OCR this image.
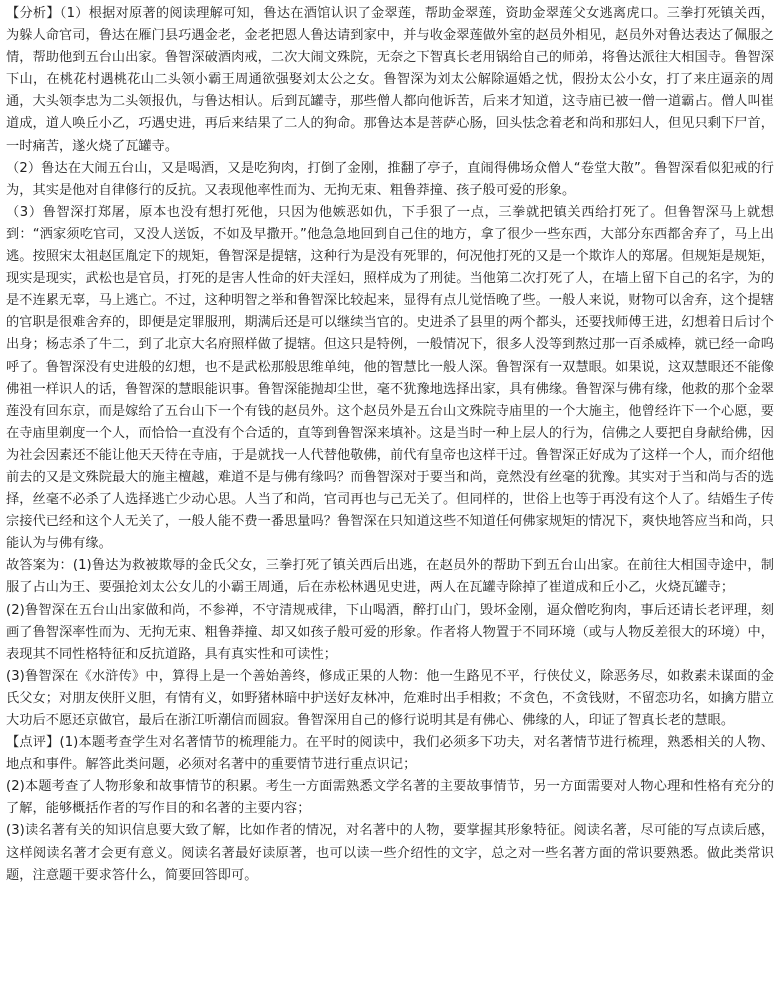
【分析】（1）根据对原著的阅读理解可知，鲁达在酒馆认识了金翠莲，帮助金翠莲，资助金翠莲父女逃离虎口。三拳打死镇关西，为躲人命官司，鲁达在雁门县巧遇金老，金老把恩人鲁达请到家中，并与收金翠莲做外室的赵员外相见，赵员外对鲁达表达了佩服之情，帮助他到五台山出家。鲁智深破酒肉戒，二次大闹文殊院，无奈之下智真长老用锅给自己的师弟，将鲁达派往大相国寺。鲁智深下山，在桃花村遇桃花山二头领小霸王周通欲强娶刘太公之女。鲁智深为刘太公解除逼婚之忧，假扮太公小女，打了来庄逼亲的周通，大头领李忠为二头领报仇，与鲁达相认。后到瓦罐寺，那些僧人都向他诉苦，后来才知道，这寺庙已被一僧一道霸占。僧人叫崔道成，道人唤丘小乙，巧遇史进，再后来结果了二人的狗命。那鲁达本是菩萨心肠，回头怯念着老和尚和那妇人，但见只剩下尸首，一时痛苦，遂火烧了瓦罐寺。

（2）鲁达在大闹五台山，又是喝酒，又是吃狗肉，打倒了金刚，推翻了亭子，直闹得佛场众僧人“卷堂大散”。鲁智深看似犯戒的行为，其实是他对自律修行的反抗。又表现他率性而为、无拘无束、粗鲁莽撞、孩子般可爱的形象。

（3）鲁智深打郑屠，原本也没有想打死他，只因为他嫉恶如仇，下手狠了一点，三拳就把镇关西给打死了。但鲁智深马上就想到：“洒家须吃官司，又没人送饭，不如及早撒开。”他急急地回到自己住的地方，拿了很少一些东西，大部分东西都舍弃了，马上出逃。按照宋太祖赵匡胤定下的规矩，鲁智深是提辖，这种行为是没有死罪的，何况他打死的又是一个欺诈人的郑屠。但规矩是规矩，现实是现实，武松也是官员，打死的是害人性命的奸夫淫妇，照样成为了刑徒。当他第二次打死了人，在墙上留下自己的名字，为的是不连累无辜，马上逃亡。不过，这种明智之举和鲁智深比较起来，显得有点儿觉悟晚了些。一般人来说，财物可以舍弃，这个提辖的官职是很难舍弃的，即便是定罪服刑，期满后还是可以继续当官的。史进杀了县里的两个都头，还要找师傅王进，幻想着日后讨个出身；杨志杀了牛二，到了北京大名府照样做了提辖。但这只是特例，一般情况下，很多人没等到熬过那一百杀威棒，就已经一命呜呼了。鲁智深没有史进般的幻想，也不是武松那般思维单纯，他的智慧比一般人深。鲁智深有一双慧眼。如果说，这双慧眼还不能像佛祖一样识人的话，鲁智深的慧眼能识事。鲁智深能抛却尘世，毫不犹豫地选择出家，具有佛缘。鲁智深与佛有缘，他救的那个金翠莲没有回东京，而是嫁给了五台山下一个有钱的赵员外。这个赵员外是五台山文殊院寺庙里的一个大施主，他曾经许下一个心愿，要在寺庙里剃度一个人，而恰恰一直没有个合适的，直等到鲁智深来填补。这是当时一种上层人的行为，信佛之人要把自身献给佛，因为社会因素还不能让他天天待在寺庙，于是就找一人代替他敬佛，前代有皇帝也这样干过。鲁智深正好成为了这样一个人，而介绍他前去的又是文殊院最大的施主檀越，难道不是与佛有缘吗？而鲁智深对于要当和尚，竟然没有丝毫的犹豫。其实对于当和尚与否的选择，丝毫不必杀了人选择逃亡少动心思。人当了和尚，官司再也与己无关了。但同样的，世俗上也等于再没有这个人了。结婚生子传宗接代已经和这个人无关了，一般人能不费一番思量吗？鲁智深在只知道这些不知道任何佛家规矩的情况下，爽快地答应当和尚，只能认为与佛有缘。

故答案为：(1)鲁达为救被欺辱的金氏父女，三拳打死了镇关西后出逃，在赵员外的帮助下到五台山出家。在前往大相国寺途中，制服了占山为王、要强抢刘太公女儿的小霸王周通，后在赤松林遇见史进，两人在瓦罐寺除掉了崔道成和丘小乙，火烧瓦罐寺；

(2)鲁智深在五台山出家做和尚，不参禅，不守清规戒律，下山喝酒，醉打山门，毁坏金刚，逼众僧吃狗肉，事后还请长老评理，刻画了鲁智深率性而为、无拘无束、粗鲁莽撞、却又如孩子般可爱的形象。作者将人物置于不同环境（或与人物反差很大的环境）中，表现其不同性格特征和反抗道路，具有真实性和可读性；

(3)鲁智深在《水浒传》中，算得上是一个善始善终，修成正果的人物：他一生路见不平，行侠仗义，除恶务尽，如救素未谋面的金氏父女；对朋友侠肝义胆，有情有义，如野猪林暗中护送好友林冲，危难时出手相救；不贪色，不贪钱财，不留恋功名，如擒方腊立大功后不愿还京做官，最后在浙江听潮信而圆寂。鲁智深用自己的修行说明其是有佛心、佛缘的人，印证了智真长老的慧眼。

【点评】(1)本题考查学生对名著情节的梳理能力。在平时的阅读中，我们必须多下功夫，对名著情节进行梳理，熟悉相关的人物、地点和事件。解答此类问题，必须对名著中的重要情节进行重点识记；

(2)本题考查了人物形象和故事情节的积累。考生一方面需熟悉文学名著的主要故事情节，另一方面需要对人物心理和性格有充分的了解，能够概括作者的写作目的和名著的主要内容；

(3)读名著有关的知识信息要大致了解，比如作者的情况，对名著中的人物，要掌握其形象特征。阅读名著，尽可能的写点读后感，这样阅读名著才会更有意义。阅读名著最好读原著，也可以读一些介绍性的文字，总之对一些名著方面的常识要熟悉。做此类常识题，注意题干要求答什么，简要回答即可。
